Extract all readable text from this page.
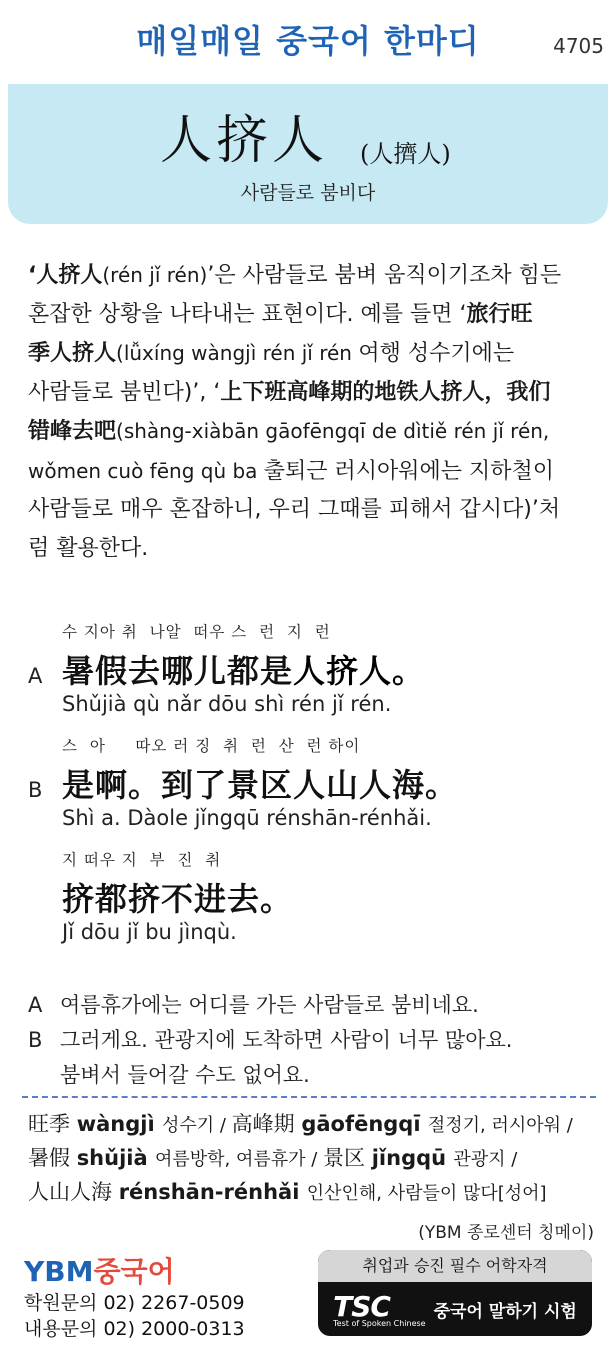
매일매일 중국어 한마디	4705
人挤人 (人擠人)
사람들로 붐비다
‘人挤人(rén jǐ rén)’은 사람들로 붐벼 움직이기조차 힘든
혼잡한 상황을 나타내는 표현이다. 예를 들면 ‘旅行旺
季人挤人(lǚxíng wàngjì rén jǐ rén 여행 성수기에는
사람들로 붐빈다)’, ‘上下班高峰期的地铁人挤人，我们
错峰去吧(shàng-xiàbān gāofēngqī de dìtiě rén jǐ rén,
wǒmen cuò fēng qù ba 출퇴근 러시아워에는 지하철이
사람들로 매우 혼잡하니, 우리 그때를 피해서 갑시다)’처
럼 활용한다.
수 지아 취  나알  떠우 스  런  지  런
A 暑假去哪儿都是人挤人。
Shǔjià qù nǎr dōu shì rén jǐ rén.
스  아     따오 러 징  취  런  산  런 하이
B 是啊。到了景区人山人海。
Shì a. Dàole jǐngqū rénshān-rénhǎi.
지 떠우 지  부  진  취
挤都挤不进去。
Jǐ dōu jǐ bu jìnqù.
A 여름휴가에는 어디를 가든 사람들로 붐비네요.
B 그러게요. 관광지에 도착하면 사람이 너무 많아요.
붐벼서 들어갈 수도 없어요.
旺季 wàngjì 성수기 / 高峰期 gāofēngqī 절정기, 러시아워 /
暑假 shǔjià 여름방학, 여름휴가 / 景区 jǐngqū 관광지 /
人山人海 rénshān-rénhǎi 인산인해, 사람들이 많다[성어]
(YBM 종로센터 칭메이)
YBM중국어
학원문의 02) 2267-0509
내용문의 02) 2000-0313
취업과 승진 필수 어학자격
TSC
Test of Spoken Chinese
중국어 말하기 시험
